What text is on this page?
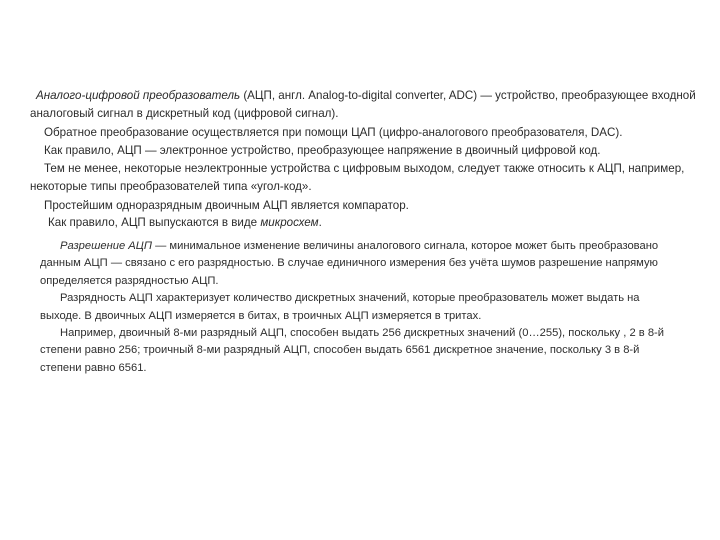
Аналого-цифровой преобразователь (АЦП, англ. Analog-to-digital converter, ADC) — устройство, преобразующее входной аналоговый сигнал в дискретный код (цифровой сигнал).

Обратное преобразование осуществляется при помощи ЦАП (цифро-аналогового преобразователя, DAC).

Как правило, АЦП — электронное устройство, преобразующее напряжение в двоичный цифровой код.

Тем не менее, некоторые неэлектронные устройства с цифровым выходом, следует также относить к АЦП, например, некоторые типы преобразователей типа «угол-код».

Простейшим одноразрядным двоичным АЦП является компаратор.

Как правило, АЦП выпускаются в виде микросхем.

Разрешение АЦП — минимальное изменение величины аналогового сигнала, которое может быть преобразовано данным АЦП — связано с его разрядностью. В случае единичного измерения без учёта шумов разрешение напрямую определяется разрядностью АЦП.

Разрядность АЦП характеризует количество дискретных значений, которые преобразователь может выдать на выходе. В двоичных АЦП измеряется в битах, в троичных АЦП измеряется в тритах.

Например, двоичный 8-ми разрядный АЦП, способен выдать 256 дискретных значений (0…255), поскольку , 2 в 8-й степени равно 256; троичный 8-ми разрядный АЦП, способен выдать 6561 дискретное значение, поскольку 3 в 8-й степени равно 6561.
